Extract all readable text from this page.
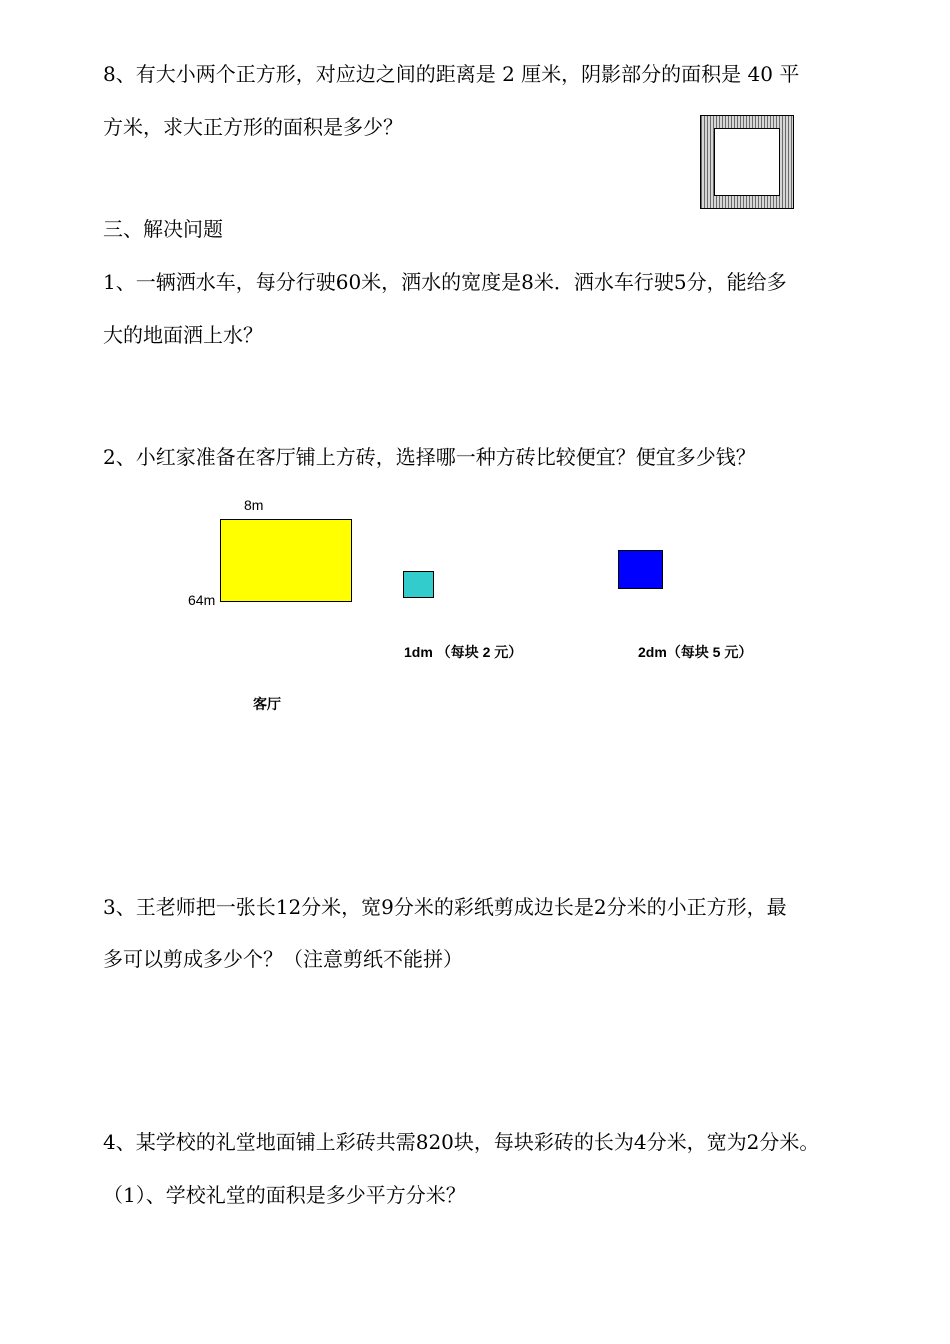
8、有大小两个正方形，对应边之间的距离是 2 厘米，阴影部分的面积是 40 平
方米，求大正方形的面积是多少？
三、解决问题
1、一辆洒水车，每分行驶60米，洒水的宽度是8米．洒水车行驶5分，能给多
大的地面洒上水？
2、小红家准备在客厅铺上方砖，选择哪一种方砖比较便宜？便宜多少钱？
8m
64m
1dm （每块 2 元）	2dm（每块 5 元）
客厅
3、王老师把一张长12分米，宽9分米的彩纸剪成边长是2分米的小正方形，最
多可以剪成多少个？（注意剪纸不能拼）
4、某学校的礼堂地面铺上彩砖共需820块，每块彩砖的长为4分米，宽为2分米。
（1）、学校礼堂的面积是多少平方分米？
